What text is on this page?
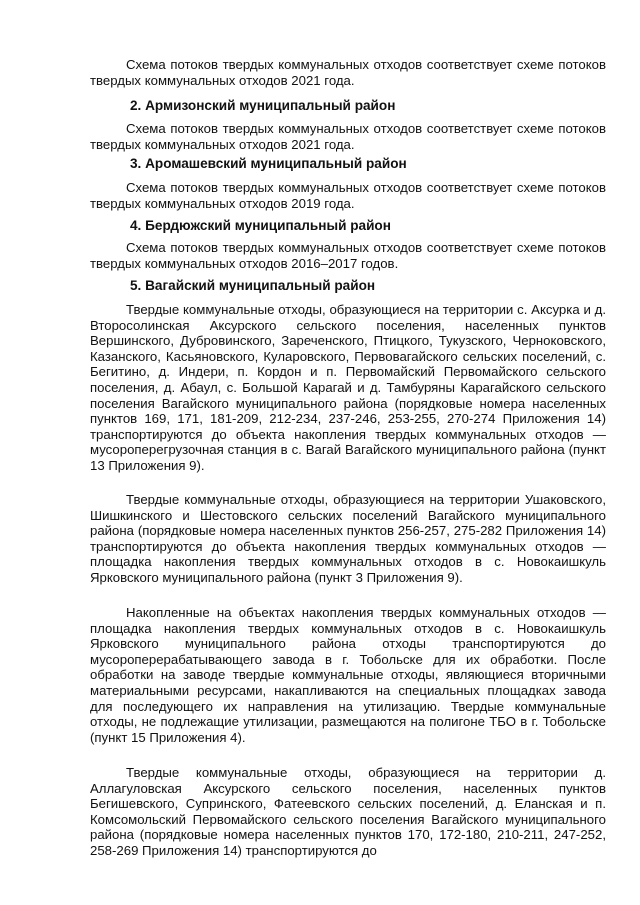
Схема потоков твердых коммунальных отходов соответствует схеме потоков твердых коммунальных отходов 2021 года.

2. Армизонский муниципальный район

Схема потоков твердых коммунальных отходов соответствует схеме потоков твердых коммунальных отходов 2021 года.

3. Аромашевский муниципальный район

Схема потоков твердых коммунальных отходов соответствует схеме потоков твердых коммунальных отходов 2019 года.

4. Бердюжский муниципальный район

Схема потоков твердых коммунальных отходов соответствует схеме потоков твердых коммунальных отходов 2016–2017 годов.

5. Вагайский муниципальный район

Твердые коммунальные отходы, образующиеся на территории с. Аксурка и д. Второсолинская Аксурского сельского поселения, населенных пунктов Вершинского, Дубровинского, Зареченского, Птицкого, Тукузского, Черноковского, Казанского, Касьяновского, Куларовского, Первовагайского сельских поселений, с. Бегитино, д. Индери, п. Кордон и п. Первомайский Первомайского сельского поселения, д. Абаул, с. Большой Карагай и д. Тамбуряны Карагайского сельского поселения Вагайского муниципального района (порядковые номера населенных пунктов 169, 171, 181-209, 212-234, 237-246, 253-255, 270-274 Приложения 14) транспортируются до объекта накопления твердых коммунальных отходов — мусороперегрузочная станция в с. Вагай Вагайского муниципального района (пункт 13 Приложения 9).

Твердые коммунальные отходы, образующиеся на территории Ушаковского, Шишкинского и Шестовского сельских поселений Вагайского муниципального района (порядковые номера населенных пунктов 256-257, 275-282 Приложения 14) транспортируются до объекта накопления твердых коммунальных отходов — площадка накопления твердых коммунальных отходов в с. Новокаишкуль Ярковского муниципального района (пункт 3 Приложения 9).

Накопленные на объектах накопления твердых коммунальных отходов — площадка накопления твердых коммунальных отходов в с. Новокаишкуль Ярковского муниципального района отходы транспортируются до мусороперерабатывающего завода в г. Тобольске для их обработки. После обработки на заводе твердые коммунальные отходы, являющиеся вторичными материальными ресурсами, накапливаются на специальных площадках завода для последующего их направления на утилизацию. Твердые коммунальные отходы, не подлежащие утилизации, размещаются на полигоне ТБО в г. Тобольске (пункт 15 Приложения 4).

Твердые коммунальные отходы, образующиеся на территории д. Аллагуловская Аксурского сельского поселения, населенных пунктов Бегишевского, Супринского, Фатеевского сельских поселений, д. Еланская и п. Комсомольский Первомайского сельского поселения Вагайского муниципального района (порядковые номера населенных пунктов 170, 172-180, 210-211, 247-252, 258-269 Приложения 14) транспортируются до
